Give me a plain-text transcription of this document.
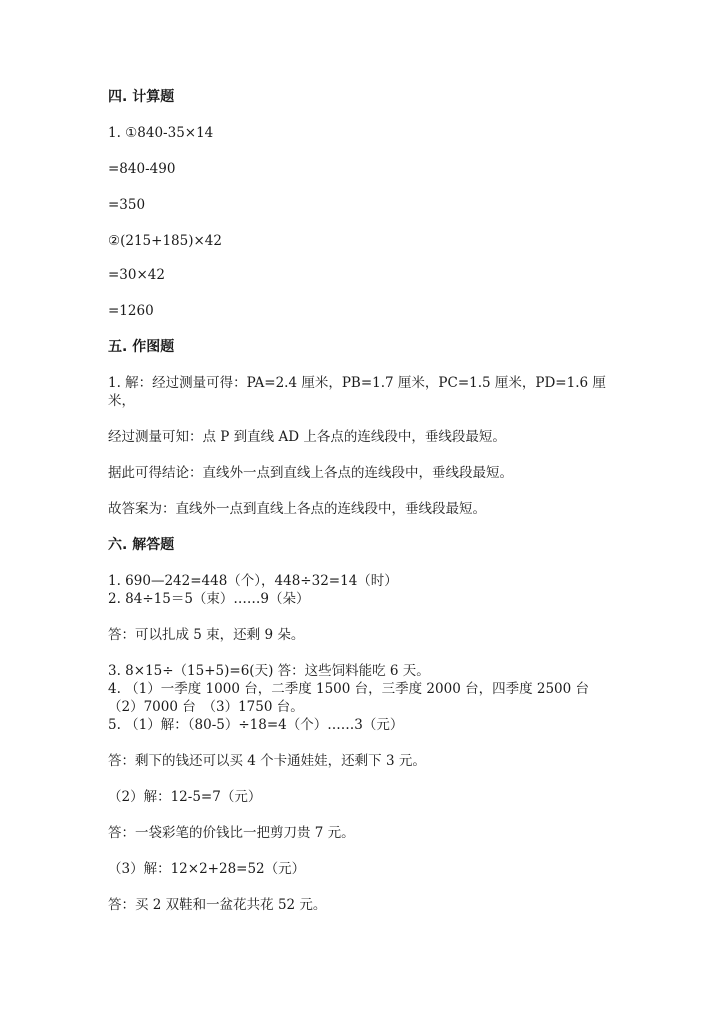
四. 计算题
1. ①840-35×14
=840-490
=350
②(215+185)×42
=30×42
=1260
五. 作图题
1. 解：经过测量可得：PA=2.4 厘米，PB=1.7 厘米，PC=1.5 厘米，PD=1.6 厘
米，
经过测量可知：点 P 到直线 AD 上各点的连线段中，垂线段最短。
据此可得结论：直线外一点到直线上各点的连线段中，垂线段最短。
故答案为：直线外一点到直线上各点的连线段中，垂线段最短。
六. 解答题
1. 690—242=448（个），448÷32=14（时）
2. 84÷15＝5（束）……9（朵）
答：可以扎成 5 束，还剩 9 朵。
3. 8×15÷（15+5)=6(天) 答：这些饲料能吃 6 天。
4. （1）一季度 1000 台，二季度 1500 台，三季度 2000 台，四季度 2500 台
（2）7000 台　（3）1750 台。
5. （1）解：（80-5）÷18=4（个）……3（元）
答：剩下的钱还可以买 4 个卡通娃娃，还剩下 3 元。
（2）解：12-5=7（元）
答：一袋彩笔的价钱比一把剪刀贵 7 元。
（3）解：12×2+28=52（元）
答：买 2 双鞋和一盆花共花 52 元。
